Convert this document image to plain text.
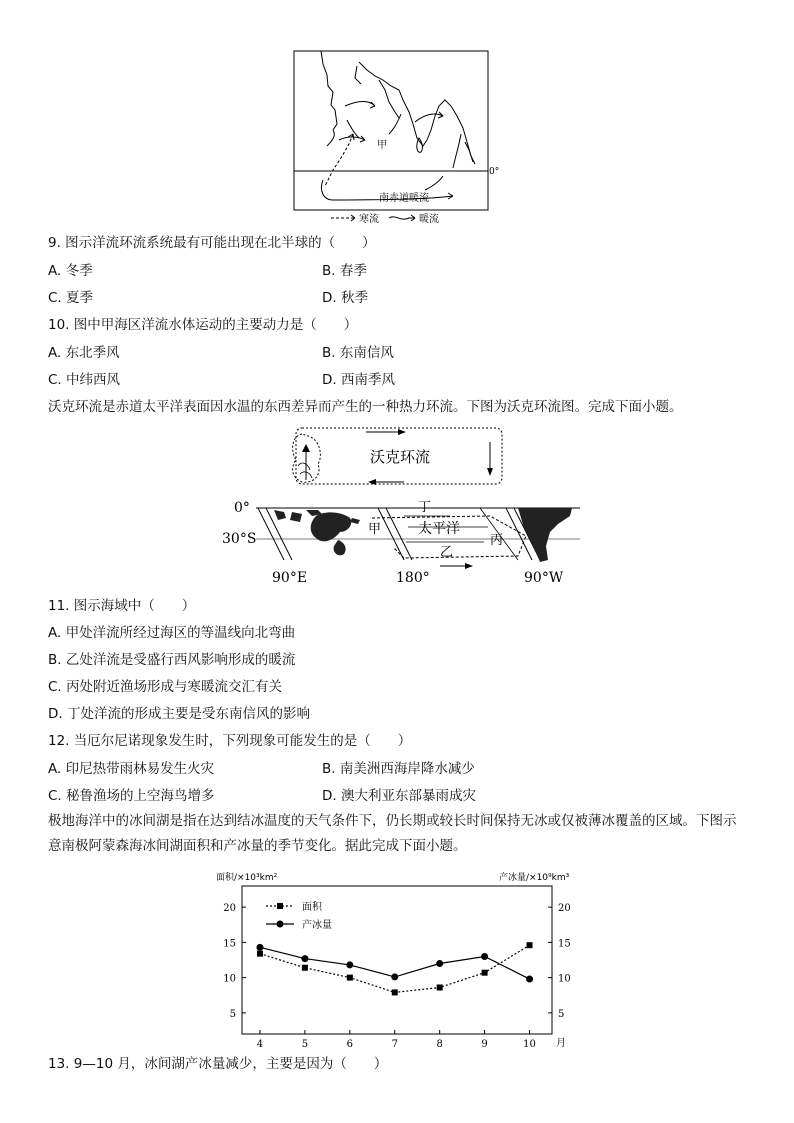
甲
0°
南赤道暖流
寒流	暖流
9. 图示洋流环流系统最有可能出现在北半球的（　　）
A. 冬季	B. 春季
C. 夏季	D. 秋季
10. 图中甲海区洋流水体运动的主要动力是（　　）
A. 东北季风	B. 东南信风
C. 中纬西风	D. 西南季风
沃克环流是赤道太平洋表面因水温的东西差异而产生的一种热力环流。下图为沃克环流图。完成下面小题。
沃克环流
0°
30°S
90°E	180°	90°W
丁
甲	太平洋
乙
丙
11. 图示海域中（　　）
A. 甲处洋流所经过海区的等温线向北弯曲
B. 乙处洋流是受盛行西风影响形成的暖流
C. 丙处附近渔场形成与寒暖流交汇有关
D. 丁处洋流的形成主要是受东南信风的影响
12. 当厄尔尼诺现象发生时，下列现象可能发生的是（　　）
A. 印尼热带雨林易发生火灾	B. 南美洲西海岸降水减少
C. 秘鲁渔场的上空海鸟增多	D. 澳大利亚东部暴雨成灾
极地海洋中的冰间湖是指在达到结冰温度的天气条件下，仍长期或较长时间保持无冰或仅被薄冰覆盖的区域。下图示意南极阿蒙森海冰间湖面积和产冰量的季节变化。据此完成下面小题。
面积/×10³km²	产冰量/×10⁹km³
月
5	5
10	10
15	15
20	20
4	5	6	7	8	9	10
面积
产冰量
13. 9—10 月，冰间湖产冰量减少，主要是因为（　　）
